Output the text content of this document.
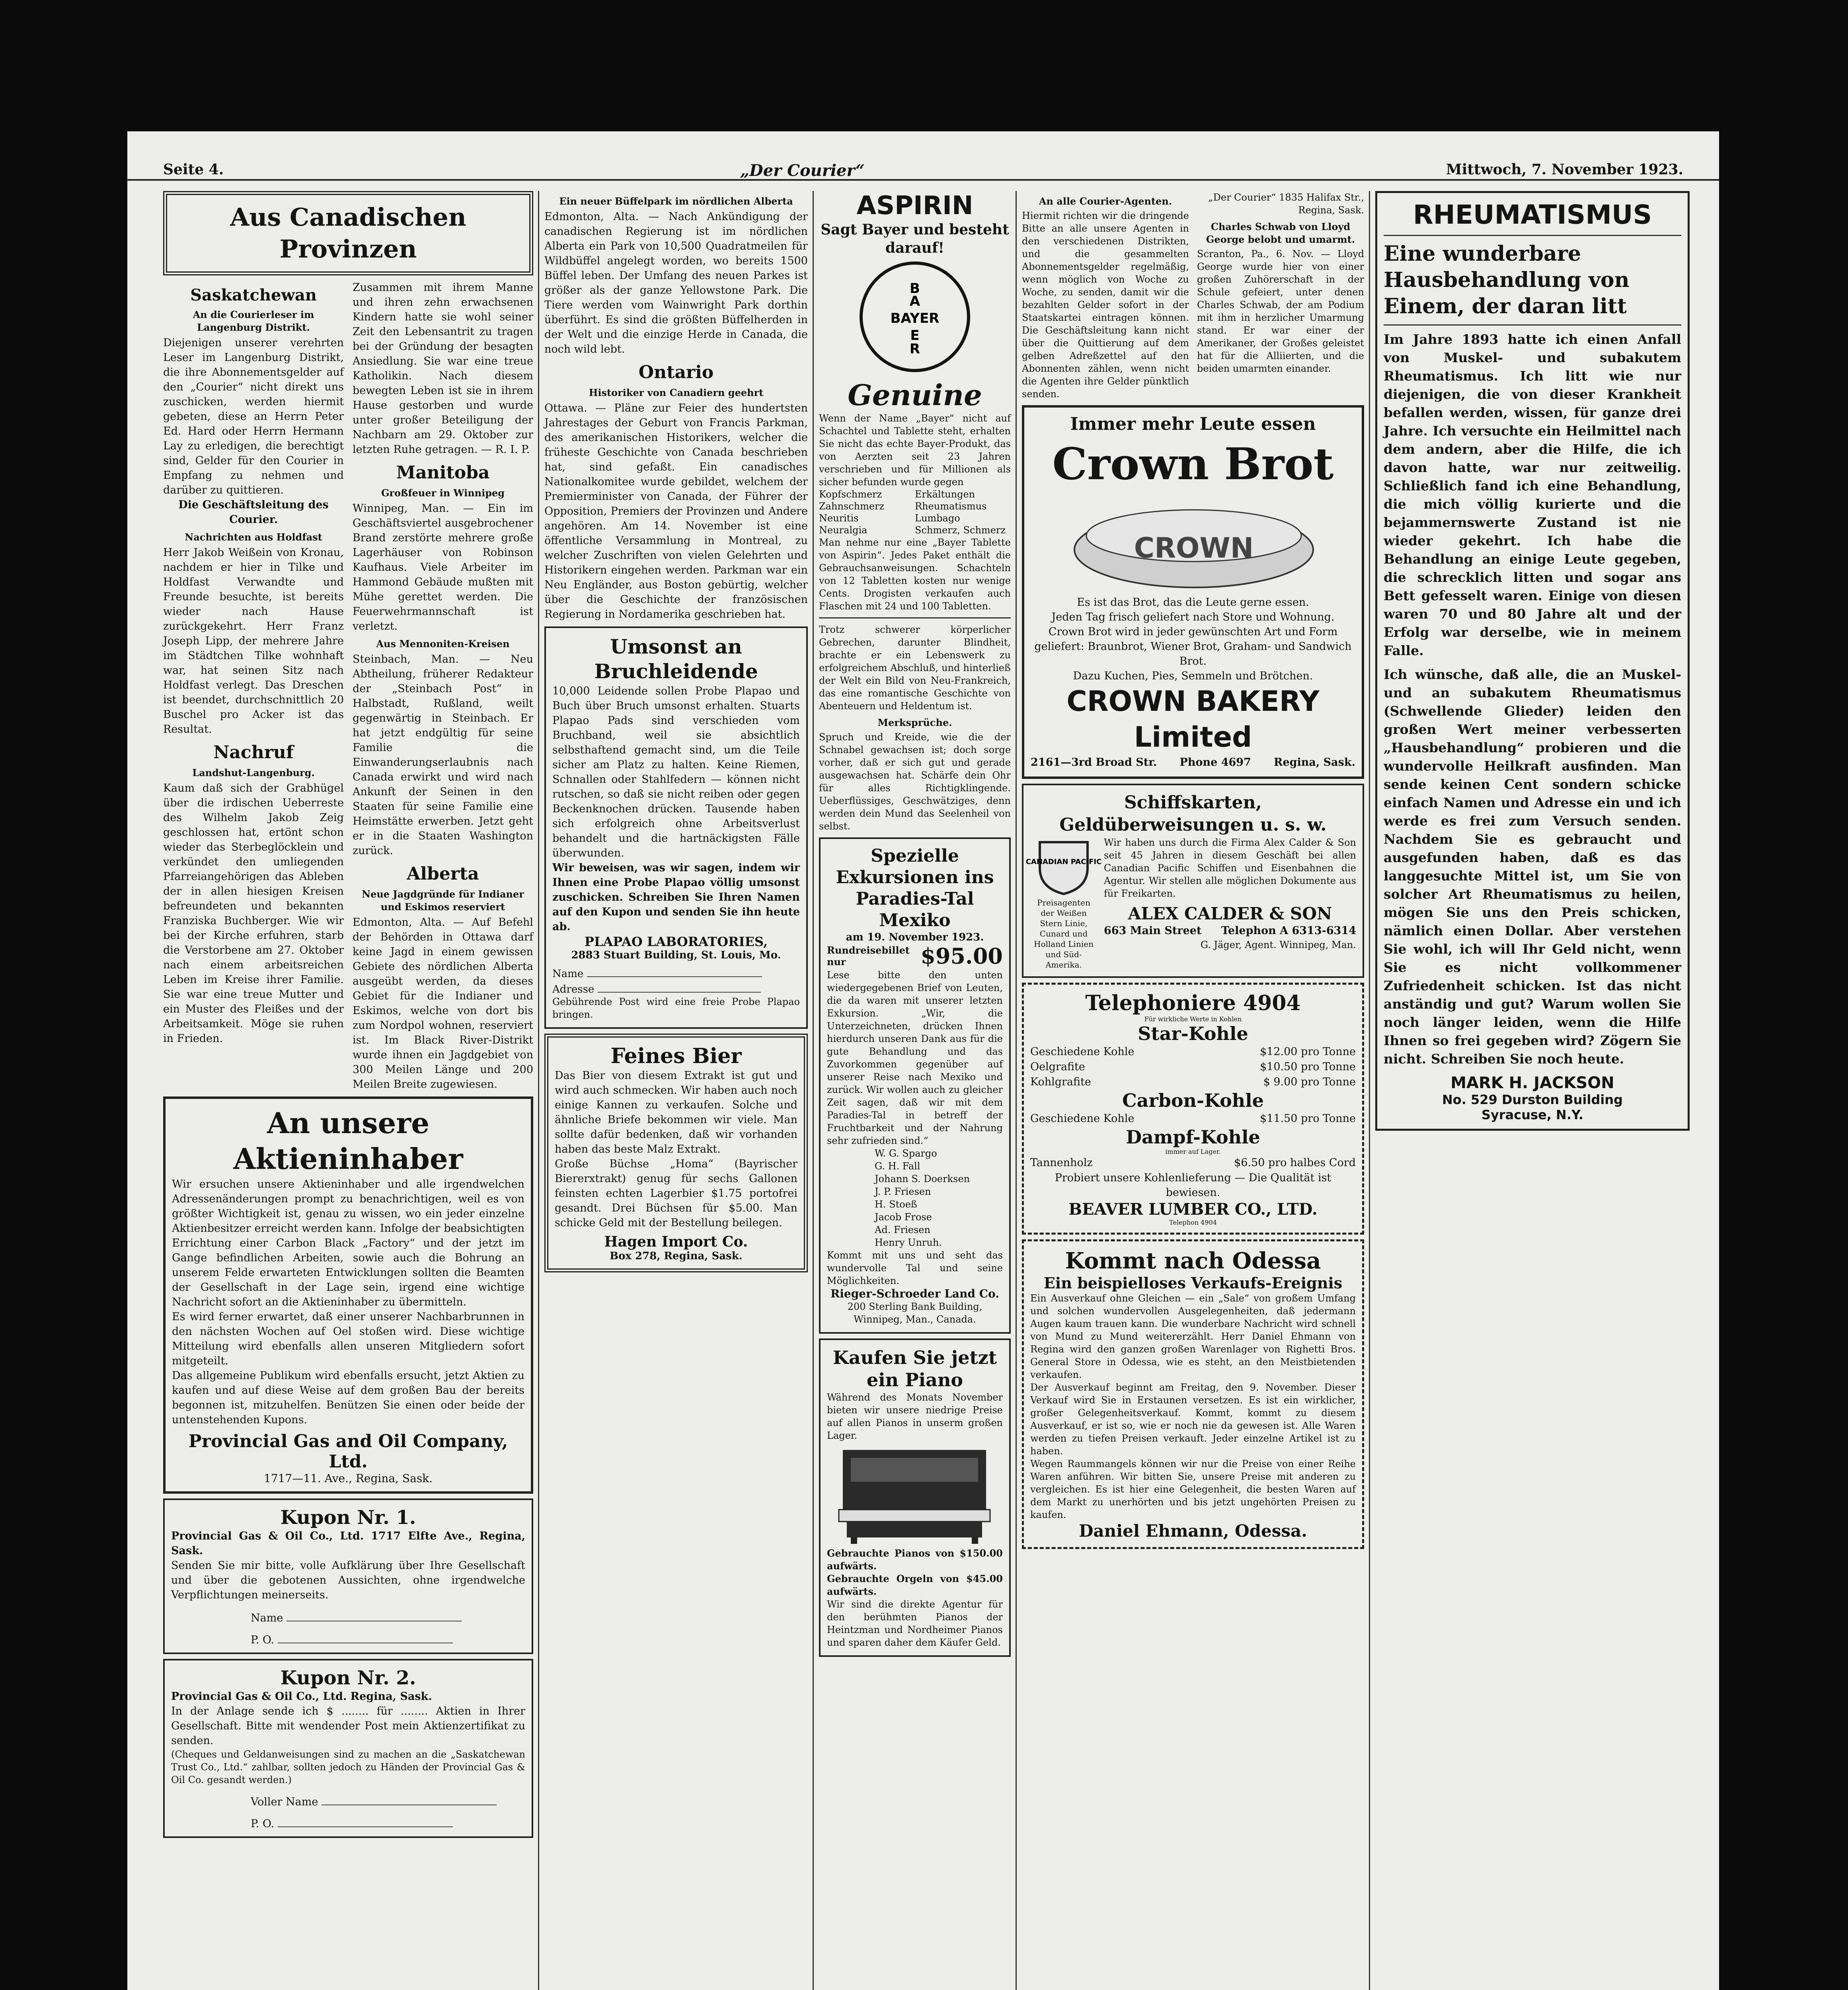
Seite 4.	„Der Courier“	Mittwoch, 7. November 1923.
Aus Canadischen Provinzen
Saskatchewan
An die Courierleser im Langenburg Distrikt.

Diejenigen unserer verehrten Leser im Langenburg Distrikt, die ihre Abonnementsgelder auf den „Courier“ nicht direkt uns zuschicken, werden hiermit gebeten, diese an Herrn Peter Ed. Hard oder Herrn Hermann Lay zu erledigen, die berechtigt sind, Gelder für den Courier in Empfang zu nehmen und darüber zu quittieren.

Die Geschäftsleitung des Courier.

Nachrichten aus Holdfast

Herr Jakob Weißein von Kronau, nachdem er hier in Tilke und Holdfast Verwandte und Freunde besuchte, ist bereits wieder nach Hause zurückgekehrt. Herr Franz Joseph Lipp, der mehrere Jahre im Städtchen Tilke wohnhaft war, hat seinen Sitz nach Holdfast verlegt. Das Dreschen ist beendet, durchschnittlich 20 Buschel pro Acker ist das Resultat.

Nachruf
Landshut-Langenburg.

Kaum daß sich der Grabhügel über die irdischen Ueberreste des Wilhelm Jakob Zeig geschlossen hat, ertönt schon wieder das Sterbeglöcklein und verkündet den umliegenden Pfarreiangehörigen das Ableben der in allen hiesigen Kreisen befreundeten und bekannten Franziska Buchberger. Wie wir bei der Kirche erfuhren, starb die Verstorbene am 27. Oktober nach einem arbeitsreichen Leben im Kreise ihrer Familie. Sie war eine treue Mutter und ein Muster des Fleißes und der Arbeitsamkeit. Möge sie ruhen in Frieden.

Zusammen mit ihrem Manne und ihren zehn erwachsenen Kindern hatte sie wohl seiner Zeit den Lebensantrit zu tragen bei der Gründung der besagten Ansiedlung. Sie war eine treue Katholikin. Nach diesem bewegten Leben ist sie in ihrem Hause gestorben und wurde unter großer Beteiligung der Nachbarn am 29. Oktober zur letzten Ruhe getragen. — R. I. P.

Manitoba
Großfeuer in Winnipeg

Winnipeg, Man. — Ein im Geschäftsviertel ausgebrochener Brand zerstörte mehrere große Lagerhäuser von Robinson Kaufhaus. Viele Arbeiter im Hammond Gebäude mußten mit Mühe gerettet werden. Die Feuerwehrmannschaft ist verletzt.

Aus Mennoniten-Kreisen

Steinbach, Man. — Neu Abtheilung, früherer Redakteur der „Steinbach Post“ in Halbstadt, Rußland, weilt gegenwärtig in Steinbach. Er hat jetzt endgültig für seine Familie die Einwanderungserlaubnis nach Canada erwirkt und wird nach Ankunft der Seinen in den Staaten für seine Familie eine Heimstätte erwerben. Jetzt geht er in die Staaten Washington zurück.

Alberta
Neue Jagdgründe für Indianer und Eskimos reserviert

Edmonton, Alta. — Auf Befehl der Behörden in Ottawa darf keine Jagd in einem gewissen Gebiete des nördlichen Alberta ausgeübt werden, da dieses Gebiet für die Indianer und Eskimos, welche von dort bis zum Nordpol wohnen, reserviert ist. Im Black River-Distrikt wurde ihnen ein Jagdgebiet von 300 Meilen Länge und 200 Meilen Breite zugewiesen.

An unsere Aktieninhaber

Wir ersuchen unsere Aktieninhaber und alle irgendwelchen Adressenänderungen prompt zu benachrichtigen, weil es von größter Wichtigkeit ist, genau zu wissen, wo ein jeder einzelne Aktienbesitzer erreicht werden kann. Infolge der beabsichtigten Errichtung einer Carbon Black „Factory“ und der jetzt im Gange befindlichen Arbeiten, sowie auch die Bohrung an unserem Felde erwarteten Entwicklungen sollten die Beamten der Gesellschaft in der Lage sein, irgend eine wichtige Nachricht sofort an die Aktieninhaber zu übermitteln.

Es wird ferner erwartet, daß einer unserer Nachbarbrunnen in den nächsten Wochen auf Oel stoßen wird. Diese wichtige Mitteilung wird ebenfalls allen unseren Mitgliedern sofort mitgeteilt.

Das allgemeine Publikum wird ebenfalls ersucht, jetzt Aktien zu kaufen und auf diese Weise auf dem großen Bau der bereits begonnen ist, mitzuhelfen. Benützen Sie einen oder beide der untenstehenden Kupons.

Provincial Gas and Oil Company, Ltd.
1717—11. Ave., Regina, Sask.
Kupon Nr. 1.

Provincial Gas & Oil Co., Ltd. 1717 Elfte Ave., Regina, Sask.

Senden Sie mir bitte, volle Aufklärung über Ihre Gesellschaft und über die gebotenen Aussichten, ohne irgendwelche Verpflichtungen meinerseits.

Name
P. O.
Kupon Nr. 2.

Provincial Gas & Oil Co., Ltd. Regina, Sask.

In der Anlage sende ich $ ........ für ........ Aktien in Ihrer Gesellschaft. Bitte mit wendender Post mein Aktienzertifikat zu senden.

(Cheques und Geldanweisungen sind zu machen an die „Saskatchewan Trust Co., Ltd.“ zahlbar, sollten jedoch zu Händen der Provincial Gas & Oil Co. gesandt werden.)

Voller Name
P. O.
Ein neuer Büffelpark im nördlichen Alberta

Edmonton, Alta. — Nach Ankündigung der canadischen Regierung ist im nördlichen Alberta ein Park von 10,500 Quadratmeilen für Wildbüffel angelegt worden, wo bereits 1500 Büffel leben. Der Umfang des neuen Parkes ist größer als der ganze Yellowstone Park. Die Tiere werden vom Wainwright Park dorthin überführt. Es sind die größten Büffelherden in der Welt und die einzige Herde in Canada, die noch wild lebt.

Ontario
Historiker von Canadiern geehrt

Ottawa. — Pläne zur Feier des hundertsten Jahrestages der Geburt von Francis Parkman, des amerikanischen Historikers, welcher die früheste Geschichte von Canada beschrieben hat, sind gefaßt. Ein canadisches Nationalkomitee wurde gebildet, welchem der Premierminister von Canada, der Führer der Opposition, Premiers der Provinzen und Andere angehören. Am 14. November ist eine öffentliche Versammlung in Montreal, zu welcher Zuschriften von vielen Gelehrten und Historikern eingehen werden. Parkman war ein Neu Engländer, aus Boston gebürtig, welcher über die Geschichte der französischen Regierung in Nordamerika geschrieben hat.

Umsonst an Bruchleidende

10,000 Leidende sollen Probe Plapao und Buch über Bruch umsonst erhalten. Stuarts Plapao Pads sind verschieden vom Bruchband, weil sie absichtlich selbsthaftend gemacht sind, um die Teile sicher am Platz zu halten. Keine Riemen, Schnallen oder Stahlfedern — können nicht rutschen, so daß sie nicht reiben oder gegen Beckenknochen drücken. Tausende haben sich erfolgreich ohne Arbeitsverlust behandelt und die hartnäckigsten Fälle überwunden.

Wir beweisen, was wir sagen, indem wir Ihnen eine Probe Plapao völlig umsonst zuschicken. Schreiben Sie Ihren Namen auf den Kupon und senden Sie ihn heute ab.

PLAPAO LABORATORIES,
2883 Stuart Building, St. Louis, Mo.
Name
Adresse

Gebührende Post wird eine freie Probe Plapao bringen.

Feines Bier

Das Bier von diesem Extrakt ist gut und wird auch schmecken. Wir haben auch noch einige Kannen zu verkaufen. Solche und ähnliche Briefe bekommen wir viele. Man sollte dafür bedenken, daß wir vorhanden haben das beste Malz Extrakt.

Große Büchse „Homa“ (Bayrischer Biererxtrakt) genug für sechs Gallonen feinsten echten Lagerbier $1.75 portofrei gesandt. Drei Büchsen für $5.00. Man schicke Geld mit der Bestellung beilegen.

Hagen Import Co.
Box 278, Regina, Sask.
ASPIRIN
Sagt Bayer und besteht darauf!
B
A
BAYER
E
R
Genuine

Wenn der Name „Bayer“ nicht auf Schachtel und Tablette steht, erhalten Sie nicht das echte Bayer-Produkt, das von Aerzten seit 23 Jahren verschrieben und für Millionen als sicher befunden wurde gegen

Kopfschmerz	Erkältungen
Zahnschmerz	Rheumatismus
Neuritis	Lumbago
Neuralgia	Schmerz, Schmerz

Man nehme nur eine „Bayer Tablette von Aspirin“. Jedes Paket enthält die Gebrauchsanweisungen. Schachteln von 12 Tabletten kosten nur wenige Cents. Drogisten verkaufen auch Flaschen mit 24 und 100 Tabletten.

Trotz schwerer körperlicher Gebrechen, darunter Blindheit, brachte er ein Lebenswerk zu erfolgreichem Abschluß, und hinterließ der Welt ein Bild von Neu-Frankreich, das eine romantische Geschichte von Abenteuern und Heldentum ist.

Merksprüche.

Spruch und Kreide, wie die der Schnabel gewachsen ist; doch sorge vorher, daß er sich gut und gerade ausgewachsen hat. Schärfe dein Ohr für alles Richtigklingende. Ueberflüssiges, Geschwätziges, denn werden dein Mund das Seelenheil von selbst.

Spezielle Exkursionen ins Paradies-Tal Mexiko
am 19. November 1923.
Rundreisebillet nur	$95.00

Lese bitte den unten wiedergegebenen Brief von Leuten, die da waren mit unserer letzten Exkursion. „Wir, die Unterzeichneten, drücken Ihnen hierdurch unseren Dank aus für die gute Behandlung und das Zuvorkommen gegenüber auf unserer Reise nach Mexiko und zurück. Wir wollen auch zu gleicher Zeit sagen, daß wir mit dem Paradies-Tal in betreff der Fruchtbarkeit und der Nahrung sehr zufrieden sind.“

W. G. Spargo
G. H. Fall
Johann S. Doerksen
J. P. Friesen
H. Stoeß
Jacob Frose
Ad. Friesen
Henry Unruh.

Kommt mit uns und seht das wundervolle Tal und seine Möglichkeiten.

Rieger-Schroeder Land Co.
200 Sterling Bank Building, Winnipeg, Man., Canada.
Kaufen Sie jetzt ein Piano

Während des Monats November bieten wir unsere niedrige Preise auf allen Pianos in unserm großen Lager.

Gebrauchte Pianos von $150.00 aufwärts.

Gebrauchte Orgeln von $45.00 aufwärts.

Wir sind die direkte Agentur für den berühmten Pianos der Heintzman und Nordheimer Pianos und sparen daher dem Käufer Geld.

An alle Courier-Agenten.

Hiermit richten wir die dringende Bitte an alle unsere Agenten in den verschiedenen Distrikten, und die gesammelten Abonnementsgelder regelmäßig, wenn möglich von Woche zu Woche, zu senden, damit wir die bezahlten Gelder sofort in der Staatskartei eintragen können. Die Geschäftsleitung kann nicht über die Quittierung auf dem gelben Adreßzettel auf den Abonnenten zählen, wenn nicht die Agenten ihre Gelder pünktlich senden.

„Der Courier“ 1835 Halifax Str., Regina, Sask.

Charles Schwab von Lloyd George belobt und umarmt.

Scranton, Pa., 6. Nov. — Lloyd George wurde hier von einer großen Zuhörerschaft in der Schule gefeiert, unter denen Charles Schwab, der am Podium mit ihm in herzlicher Umarmung stand. Er war einer der Amerikaner, der Großes geleistet hat für die Alliierten, und die beiden umarmten einander.

Immer mehr Leute essen
Crown Brot
CROWN

Es ist das Brot, das die Leute gerne essen.

Jeden Tag frisch geliefert nach Store und Wohnung.

Crown Brot wird in jeder gewünschten Art und Form geliefert: Braunbrot, Wiener Brot, Graham- und Sandwich Brot.

Dazu Kuchen, Pies, Semmeln und Brötchen.

CROWN BAKERY Limited
2161—3rd Broad Str. Phone 4697 Regina, Sask.
Schiffskarten, Geldüberweisungen u. s. w.
CANADIAN PACIFIC

Preisagenten der Weißen Stern Linie, Cunard und Holland Linien und Süd-Amerika.

Wir haben uns durch die Firma Alex Calder & Son seit 45 Jahren in diesem Geschäft bei allen Canadian Pacific Schiffen und Eisenbahnen die Agentur. Wir stellen alle möglichen Dokumente aus für Freikarten.

ALEX CALDER & SON
663 Main Street Telephon A 6313-6314
G. Jäger, Agent. Winnipeg, Man.
Telephoniere 4904
Für wirkliche Werte in Kohlen
Star-Kohle
Geschiedene Kohle	$12.00 pro Tonne
Oelgrafite	$10.50 pro Tonne
Kohlgrafite	$ 9.00 pro Tonne
Carbon-Kohle
Geschiedene Kohle	$11.50 pro Tonne
Dampf-Kohle
immer auf Lager.
Tannenholz	$6.50 pro halbes Cord

Probiert unsere Kohlenlieferung — Die Qualität ist bewiesen.

BEAVER LUMBER CO., LTD.
Telephon 4904
Kommt nach Odessa
Ein beispielloses Verkaufs-Ereignis

Ein Ausverkauf ohne Gleichen — ein „Sale“ von großem Umfang und solchen wundervollen Ausgelegenheiten, daß jedermann Augen kaum trauen kann. Die wunderbare Nachricht wird schnell von Mund zu Mund weitererzählt. Herr Daniel Ehmann von Regina wird den ganzen großen Warenlager von Righetti Bros. General Store in Odessa, wie es steht, an den Meistbietenden verkaufen.

Der Ausverkauf beginnt am Freitag, den 9. November. Dieser Verkauf wird Sie in Erstaunen versetzen. Es ist ein wirklicher, großer Gelegenheitsverkauf. Kommt, kommt zu diesem Ausverkauf, er ist so, wie er noch nie da gewesen ist. Alle Waren werden zu tiefen Preisen verkauft. Jeder einzelne Artikel ist zu haben.

Wegen Raummangels können wir nur die Preise von einer Reihe Waren anführen. Wir bitten Sie, unsere Preise mit anderen zu vergleichen. Es ist hier eine Gelegenheit, die besten Waren auf dem Markt zu unerhörten und bis jetzt ungehörten Preisen zu kaufen.

Daniel Ehmann, Odessa.
RHEUMATISMUS
Eine wunderbare Hausbehandlung von Einem, der daran litt

Im Jahre 1893 hatte ich einen Anfall von Muskel- und subakutem Rheumatismus. Ich litt wie nur diejenigen, die von dieser Krankheit befallen werden, wissen, für ganze drei Jahre. Ich versuchte ein Heilmittel nach dem andern, aber die Hilfe, die ich davon hatte, war nur zeitweilig. Schließlich fand ich eine Behandlung, die mich völlig kurierte und die bejammernswerte Zustand ist nie wieder gekehrt. Ich habe die Behandlung an einige Leute gegeben, die schrecklich litten und sogar ans Bett gefesselt waren. Einige von diesen waren 70 und 80 Jahre alt und der Erfolg war derselbe, wie in meinem Falle.

Ich wünsche, daß alle, die an Muskel- und an subakutem Rheumatismus (Schwellende Glieder) leiden den großen Wert meiner verbesserten „Hausbehandlung“ probieren und die wundervolle Heilkraft ausfinden. Man sende keinen Cent sondern schicke einfach Namen und Adresse ein und ich werde es frei zum Versuch senden. Nachdem Sie es gebraucht und ausgefunden haben, daß es das langgesuchte Mittel ist, um Sie von solcher Art Rheumatismus zu heilen, mögen Sie uns den Preis schicken, nämlich einen Dollar. Aber verstehen Sie wohl, ich will Ihr Geld nicht, wenn Sie es nicht vollkommener Zufriedenheit schicken. Ist das nicht anständig und gut? Warum wollen Sie noch länger leiden, wenn die Hilfe Ihnen so frei gegeben wird? Zögern Sie nicht. Schreiben Sie noch heute.

MARK H. JACKSON
No. 529 Durston Building
Syracuse, N.Y.
